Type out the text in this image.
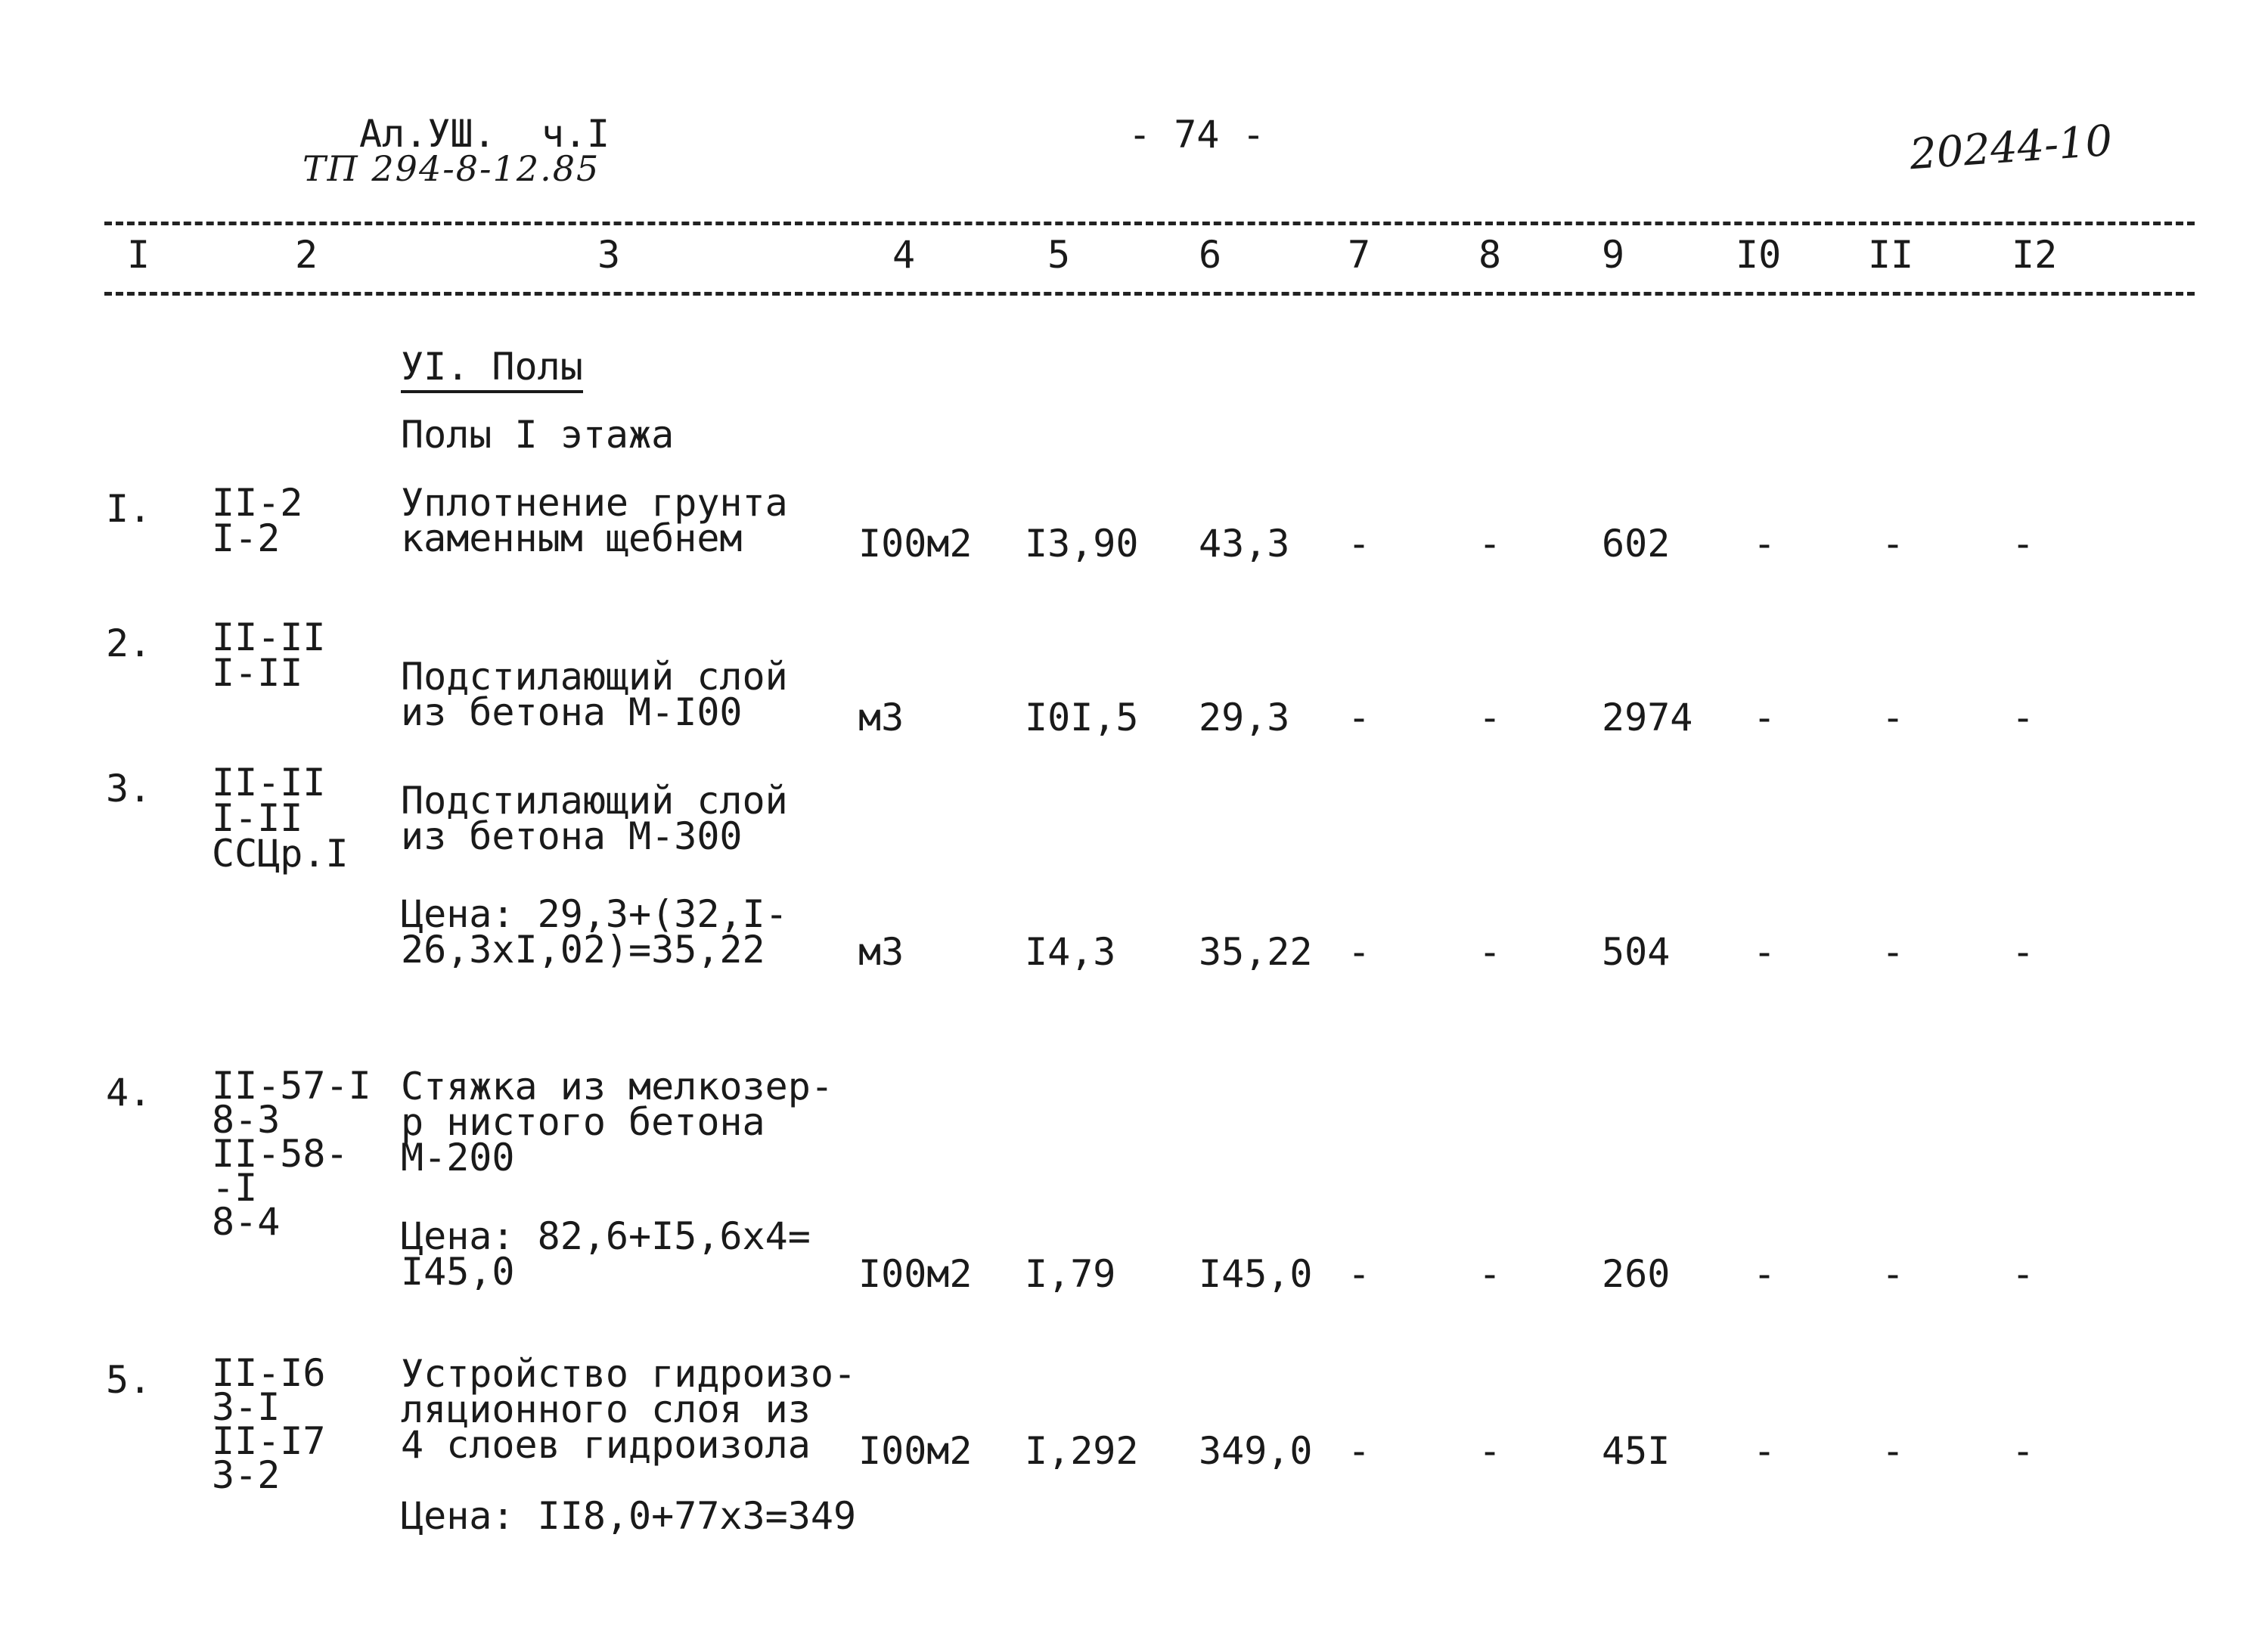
Ал.УШ.  ч.I
ТП 294-8-12.85
- 74 -	20244-10
I	2	3	4	5	6	7	8	9	I0 II	I2
УI. Полы
Полы I этажа
I. II-2
I-2
Уплотнение грунта
каменным щебнем	I00м2 I3,90 43,3 -	-	602 -	-	-
2. II-II
I-II	Подстилающий слой
из бетона М-I00	м3	I0I,5 29,3 -	-	2974 -	-	-
3. II-II
I-II
ССЦр.I
Подстилающий слой
из бетона М-300
Цена: 29,3+(32,I-
26,3хI,02)=35,22	м3	I4,3 35,22 -	-	504 -	-	-
4. II-57-I
8-3
II-58-
-I
8-4
Стяжка из мелкозер-
р нистого бетона
М-200
Цена: 82,6+I5,6х4=
I45,0	I00м2 I,79 I45,0 -	-	260 -	-	-
5. II-I6
3-I
II-I7
3-2
Устройство гидроизо-
ляционного слоя из
4 слоев гидроизола
Цена: II8,0+77х3=349
I00м2 I,292 349,0 -	-	45I -	-	-
